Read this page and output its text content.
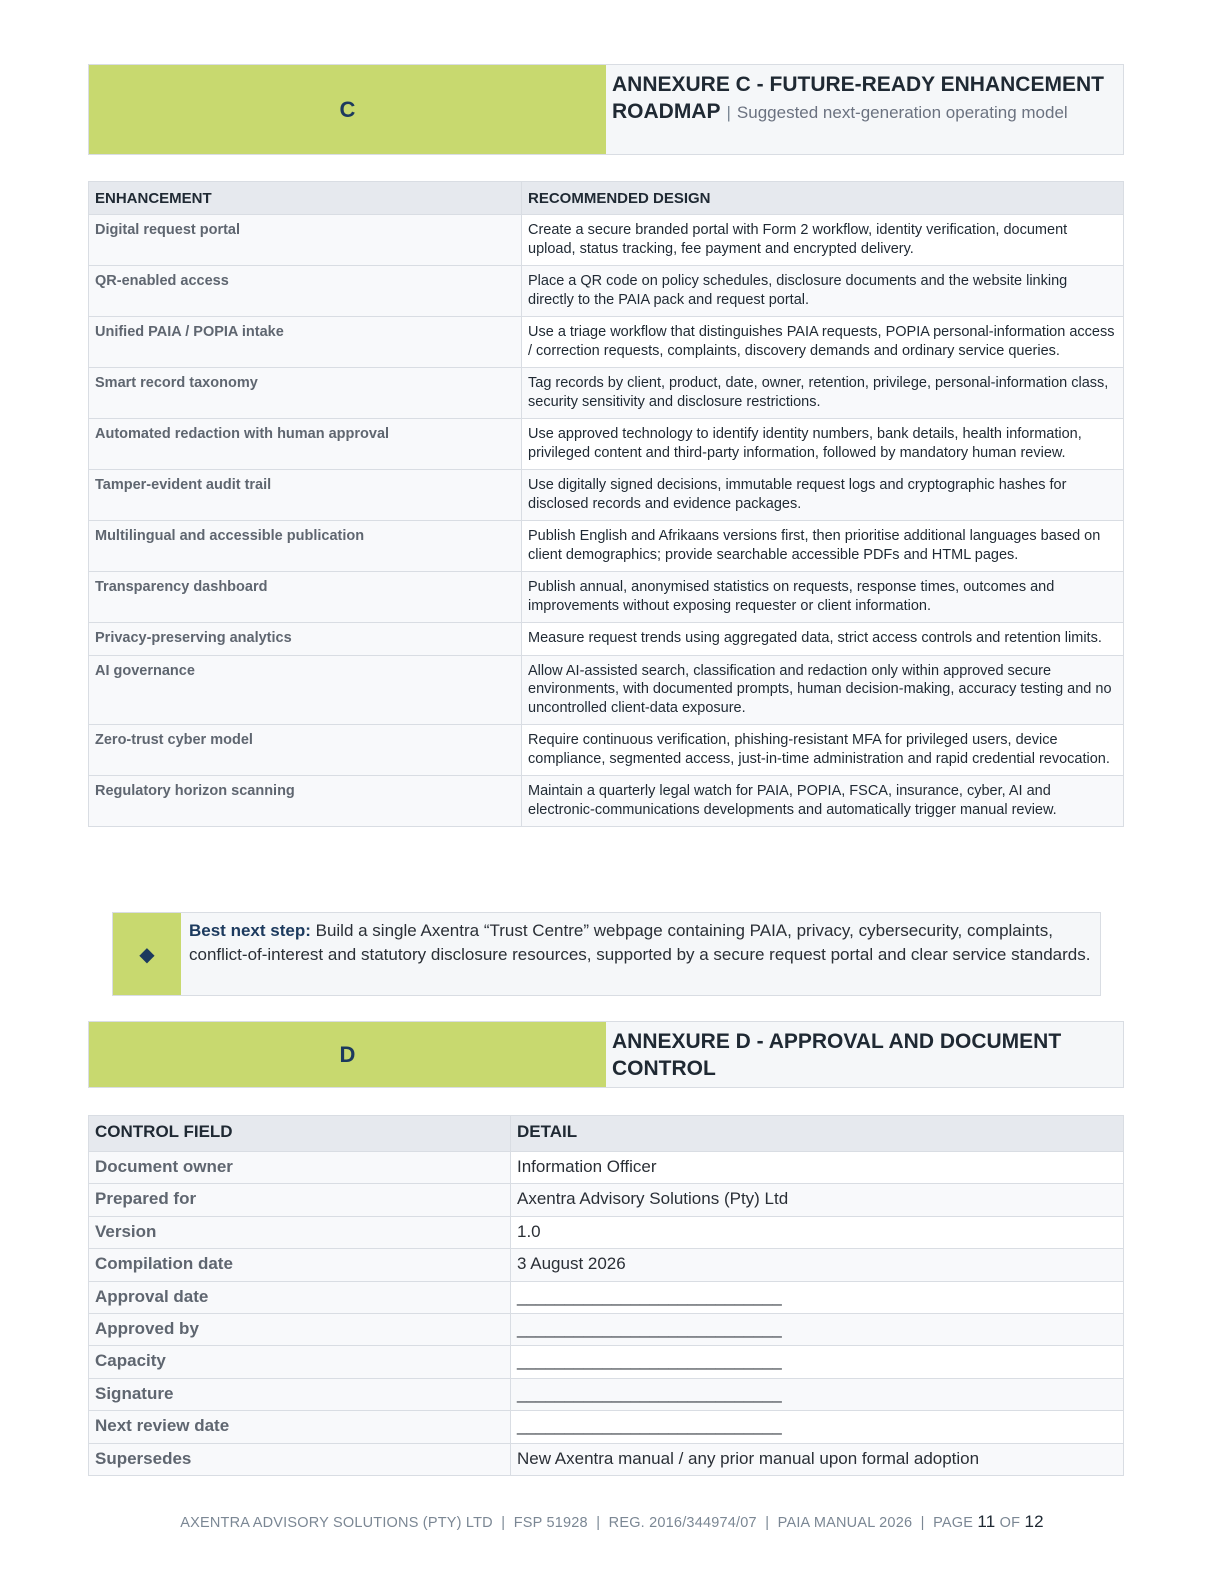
C
ANNEXURE C - FUTURE-READY ENHANCEMENT ROADMAP | Suggested next-generation operating model
ENHANCEMENT	RECOMMENDED DESIGN
Digital request portal	Create a secure branded portal with Form 2 workflow, identity verification, document upload, status tracking, fee payment and encrypted delivery.
QR-enabled access	Place a QR code on policy schedules, disclosure documents and the website linking directly to the PAIA pack and request portal.
Unified PAIA / POPIA intake	Use a triage workflow that distinguishes PAIA requests, POPIA personal-information access / correction requests, complaints, discovery demands and ordinary service queries.
Smart record taxonomy	Tag records by client, product, date, owner, retention, privilege, personal-information class, security sensitivity and disclosure restrictions.
Automated redaction with human approval	Use approved technology to identify identity numbers, bank details, health information, privileged content and third-party information, followed by mandatory human review.
Tamper-evident audit trail	Use digitally signed decisions, immutable request logs and cryptographic hashes for disclosed records and evidence packages.
Multilingual and accessible publication	Publish English and Afrikaans versions first, then prioritise additional languages based on client demographics; provide searchable accessible PDFs and HTML pages.
Transparency dashboard	Publish annual, anonymised statistics on requests, response times, outcomes and improvements without exposing requester or client information.
Privacy-preserving analytics	Measure request trends using aggregated data, strict access controls and retention limits.
AI governance	Allow AI-assisted search, classification and redaction only within approved secure environments, with documented prompts, human decision-making, accuracy testing and no uncontrolled client-data exposure.
Zero-trust cyber model	Require continuous verification, phishing-resistant MFA for privileged users, device compliance, segmented access, just-in-time administration and rapid credential revocation.
Regulatory horizon scanning	Maintain a quarterly legal watch for PAIA, POPIA, FSCA, insurance, cyber, AI and electronic-communications developments and automatically trigger manual review.
◆
Best next step: Build a single Axentra “Trust Centre” webpage containing PAIA, privacy, cybersecurity, complaints, conflict-of-interest and statutory disclosure resources, supported by a secure request portal and clear service standards.
D	ANNEXURE D - APPROVAL AND DOCUMENT CONTROL
CONTROL FIELD	DETAIL
Document owner	Information Officer
Prepared for	Axentra Advisory Solutions (Pty) Ltd
Version	1.0
Compilation date	3 August 2026
Approval date	____________________________
Approved by	____________________________
Capacity	____________________________
Signature	____________________________
Next review date	____________________________
Supersedes	New Axentra manual / any prior manual upon formal adoption
AXENTRA ADVISORY SOLUTIONS (PTY) LTD  |  FSP 51928  |  REG. 2016/344974/07  |  PAIA MANUAL 2026  |  PAGE 11 OF 12
